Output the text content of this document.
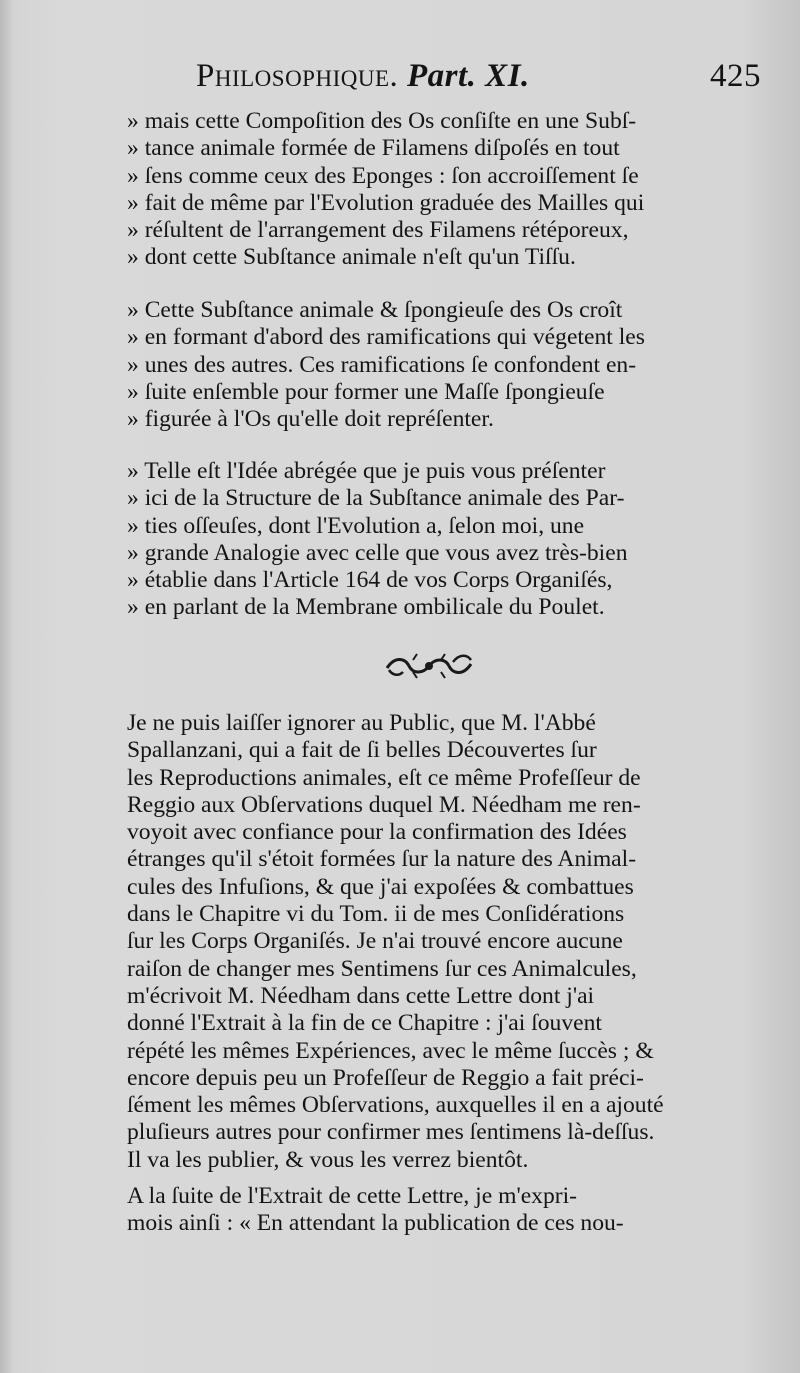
Philosophique. Part. XI.	425
» mais cette Compoſition des Os conſiſte en une Subſ-
» tance animale formée de Filamens diſpoſés en tout
» ſens comme ceux des Eponges : ſon accroiſſement ſe
» fait de même par l'Evolution graduée des Mailles qui
» réſultent de l'arrangement des Filamens rétéporeux,
» dont cette Subſtance animale n'eſt qu'un Tiſſu.
» Cette Subſtance animale & ſpongieuſe des Os croît
» en formant d'abord des ramifications qui végetent les
» unes des autres. Ces ramifications ſe confondent en-
» ſuite enſemble pour former une Maſſe ſpongieuſe
» figurée à l'Os qu'elle doit repréſenter.
» Telle eſt l'Idée abrégée que je puis vous préſenter
» ici de la Structure de la Subſtance animale des Par-
» ties oſſeuſes, dont l'Evolution a, ſelon moi, une
» grande Analogie avec celle que vous avez très-bien
» établie dans l'Article 164 de vos Corps Organiſés,
» en parlant de la Membrane ombilicale du Poulet.
Je ne puis laiſſer ignorer au Public, que M. l'Abbé
Spallanzani, qui a fait de ſi belles Découvertes ſur
les Reproductions animales, eſt ce même Profeſſeur de
Reggio aux Obſervations duquel M. Néedham me ren-
voyoit avec confiance pour la confirmation des Idées
étranges qu'il s'étoit formées ſur la nature des Animal-
cules des Infuſions, & que j'ai expoſées & combattues
dans le Chapitre vi du Tom. ii de mes Conſidérations
ſur les Corps Organiſés. Je n'ai trouvé encore aucune
raiſon de changer mes Sentimens ſur ces Animalcules,
m'écrivoit M. Néedham dans cette Lettre dont j'ai
donné l'Extrait à la fin de ce Chapitre : j'ai ſouvent
répété les mêmes Expériences, avec le même ſuccès ; &
encore depuis peu un Profeſſeur de Reggio a fait préci-
ſément les mêmes Obſervations, auxquelles il en a ajouté
pluſieurs autres pour confirmer mes ſentimens là-deſſus.
Il va les publier, & vous les verrez bientôt.
A la ſuite de l'Extrait de cette Lettre, je m'expri-
mois ainſi : « En attendant la publication de ces nou-
